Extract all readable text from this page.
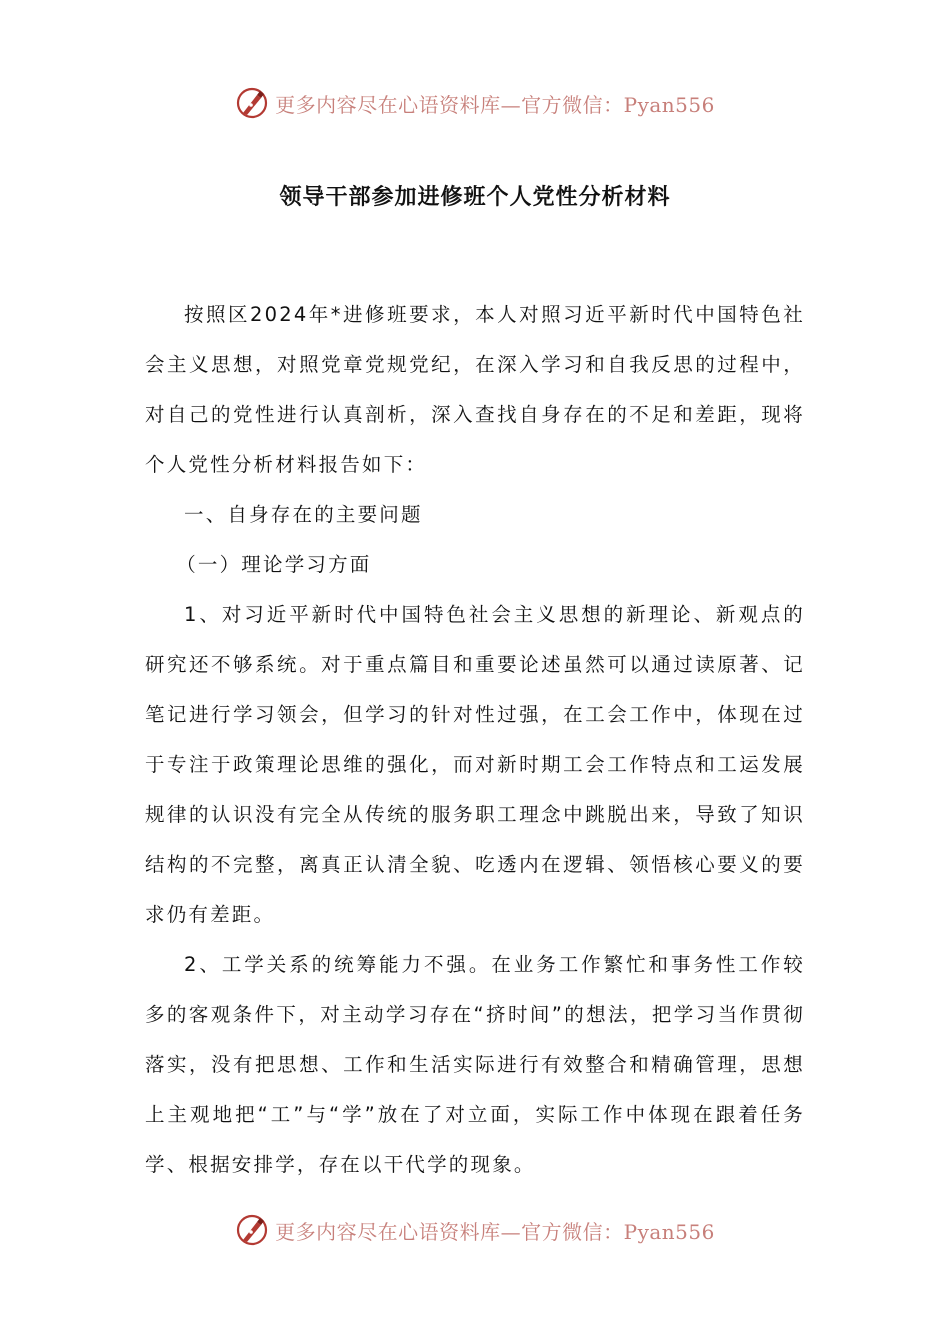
更多内容尽在心语资料库—官方微信：Pyan556
领导干部参加进修班个人党性分析材料

按照区2024年*进修班要求，本人对照习近平新时代中国特色社会主义思想，对照党章党规党纪，在深入学习和自我反思的过程中，对自己的党性进行认真剖析，深入查找自身存在的不足和差距，现将个人党性分析材料报告如下：

一、自身存在的主要问题

（一）理论学习方面

1、对习近平新时代中国特色社会主义思想的新理论、新观点的研究还不够系统。对于重点篇目和重要论述虽然可以通过读原著、记笔记进行学习领会，但学习的针对性过强，在工会工作中，体现在过于专注于政策理论思维的强化，而对新时期工会工作特点和工运发展规律的认识没有完全从传统的服务职工理念中跳脱出来，导致了知识结构的不完整，离真正认清全貌、吃透内在逻辑、领悟核心要义的要求仍有差距。

2、工学关系的统筹能力不强。在业务工作繁忙和事务性工作较多的客观条件下，对主动学习存在“挤时间”的想法，把学习当作贯彻落实，没有把思想、工作和生活实际进行有效整合和精确管理，思想上主观地把“工”与“学”放在了对立面，实际工作中体现在跟着任务学、根据安排学，存在以干代学的现象。

更多内容尽在心语资料库—官方微信：Pyan556
